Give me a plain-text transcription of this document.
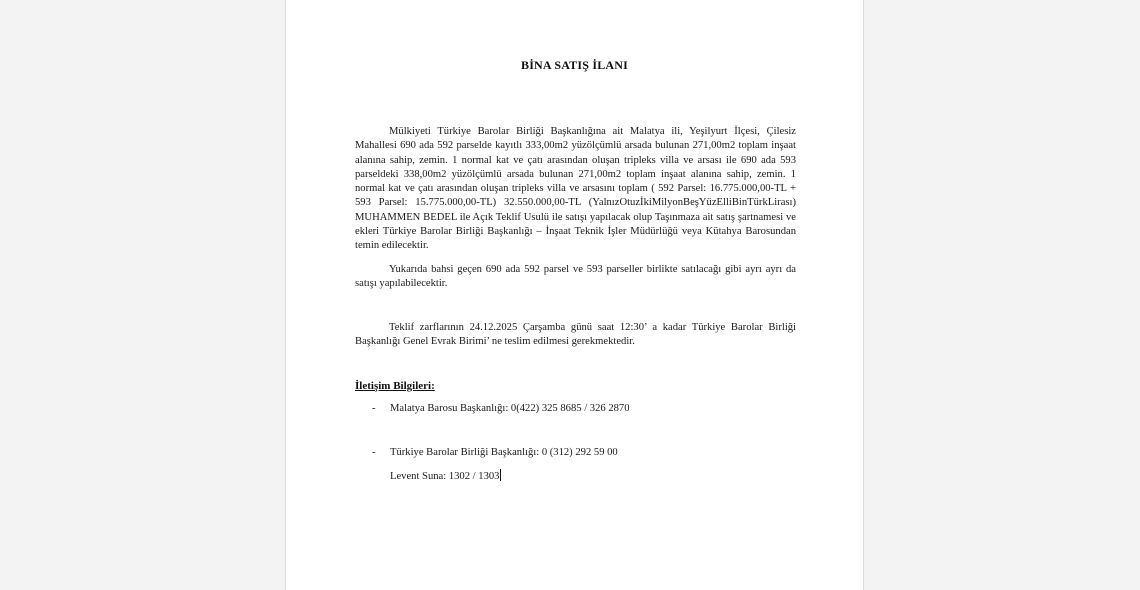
BİNA SATIŞ İLANI

Mülkiyeti Türkiye Barolar Birliği Başkanlığına ait Malatya ili, Yeşilyurt İlçesi, Çilesiz Mahallesi 690 ada 592 parselde kayıtlı 333,00m2 yüzölçümlü arsada bulunan 271,00m2 toplam inşaat alanına sahip, zemin. 1 normal kat ve çatı arasından oluşan tripleks villa ve arsası ile 690 ada 593 parseldeki 338,00m2 yüzölçümlü arsada bulunan 271,00m2 toplam inşaat alanına sahip, zemin. 1 normal kat ve çatı arasından oluşan tripleks villa ve arsasını toplam ( 592 Parsel: 16.775.000,00-TL + 593 Parsel: 15.775.000,00-TL) 32.550.000,00-TL (YalnızOtuzİkiMilyonBeşYüzElliBinTürkLirası) MUHAMMEN BEDEL ile Açık Teklif Usulü ile satışı yapılacak olup Taşınmaza ait satış şartnamesi ve ekleri Türkiye Barolar Birliği Başkanlığı – İnşaat Teknik İşler Müdürlüğü veya Kütahya Barosundan temin edilecektir.

Yukarıda bahsi geçen 690 ada 592 parsel ve 593 parseller birlikte satılacağı gibi ayrı ayrı da satışı yapılabilecektir.

Teklif zarflarının 24.12.2025 Çarşamba günü saat 12:30’ a kadar Türkiye Barolar Birliği Başkanlığı Genel Evrak Birimi’ ne teslim edilmesi gerekmektedir.

İletişim Bilgileri:
- Malatya Barosu Başkanlığı: 0(422) 325 8685 / 326 2870
- Türkiye Barolar Birliği Başkanlığı: 0 (312) 292 59 00
Levent Suna: 1302 / 1303
